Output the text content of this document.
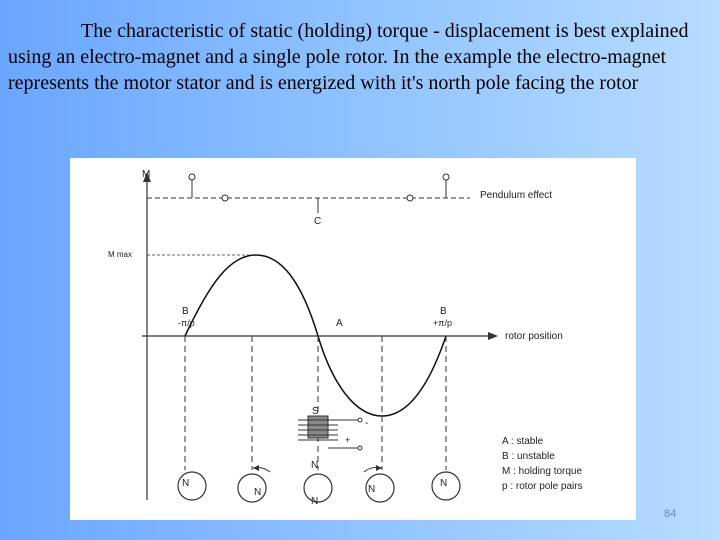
The characteristic of static (holding) torque - displacement is best explained using an electro-magnet and a single pole rotor. In the example the electro-magnet represents the motor stator and is energized with it's north pole facing the rotor

M
rotor position
M max
Pendulum effect
C
B
-π/p	A
B
+π/p
-
+
S
N
N
N
N
N
N
A : stable
B : unstable
M : holding torque
p : rotor pole pairs
84
